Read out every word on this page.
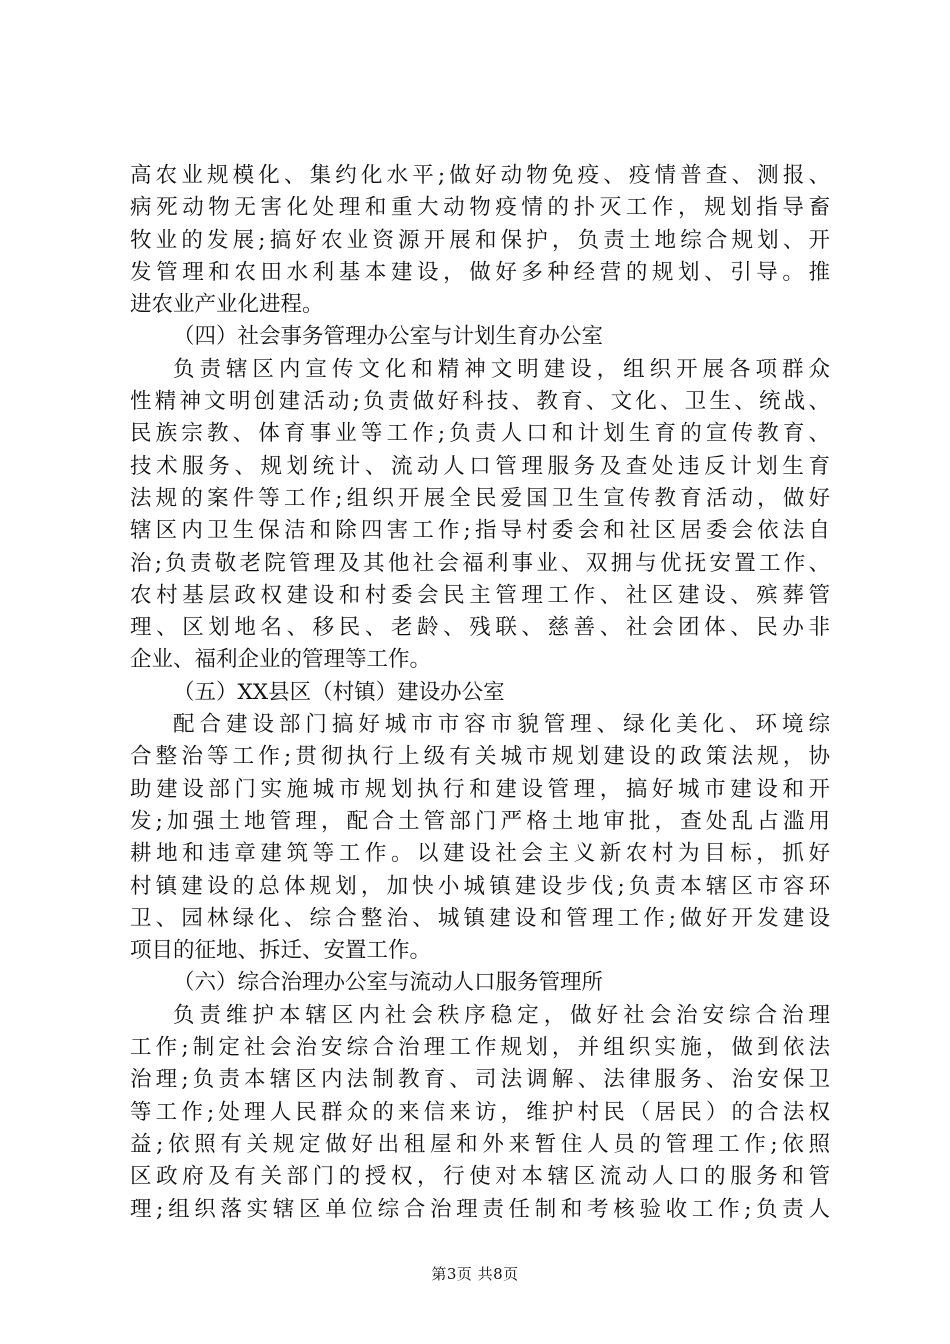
高农业规模化、集约化水平;做好动物免疫、疫情普查、测报、
病死动物无害化处理和重大动物疫情的扑灭工作，规划指导畜
牧业的发展;搞好农业资源开展和保护，负责土地综合规划、开
发管理和农田水利基本建设，做好多种经营的规划、引导。推
进农业产业化进程。
（四）社会事务管理办公室与计划生育办公室
负责辖区内宣传文化和精神文明建设，组织开展各项群众
性精神文明创建活动;负责做好科技、教育、文化、卫生、统战、
民族宗教、体育事业等工作;负责人口和计划生育的宣传教育、
技术服务、规划统计、流动人口管理服务及查处违反计划生育
法规的案件等工作;组织开展全民爱国卫生宣传教育活动，做好
辖区内卫生保洁和除四害工作;指导村委会和社区居委会依法自
治;负责敬老院管理及其他社会福利事业、双拥与优抚安置工作、
农村基层政权建设和村委会民主管理工作、社区建设、殡葬管
理、区划地名、移民、老龄、残联、慈善、社会团体、民办非
企业、福利企业的管理等工作。
（五）XX县区（村镇）建设办公室
配合建设部门搞好城市市容市貌管理、绿化美化、环境综
合整治等工作;贯彻执行上级有关城市规划建设的政策法规，协
助建设部门实施城市规划执行和建设管理，搞好城市建设和开
发;加强土地管理，配合土管部门严格土地审批，查处乱占滥用
耕地和违章建筑等工作。以建设社会主义新农村为目标，抓好
村镇建设的总体规划，加快小城镇建设步伐;负责本辖区市容环
卫、园林绿化、综合整治、城镇建设和管理工作;做好开发建设
项目的征地、拆迁、安置工作。
（六）综合治理办公室与流动人口服务管理所
负责维护本辖区内社会秩序稳定，做好社会治安综合治理
工作;制定社会治安综合治理工作规划，并组织实施，做到依法
治理;负责本辖区内法制教育、司法调解、法律服务、治安保卫
等工作;处理人民群众的来信来访，维护村民（居民）的合法权
益;依照有关规定做好出租屋和外来暂住人员的管理工作;依照
区政府及有关部门的授权，行使对本辖区流动人口的服务和管
理;组织落实辖区单位综合治理责任制和考核验收工作;负责人
第3页 共8页
